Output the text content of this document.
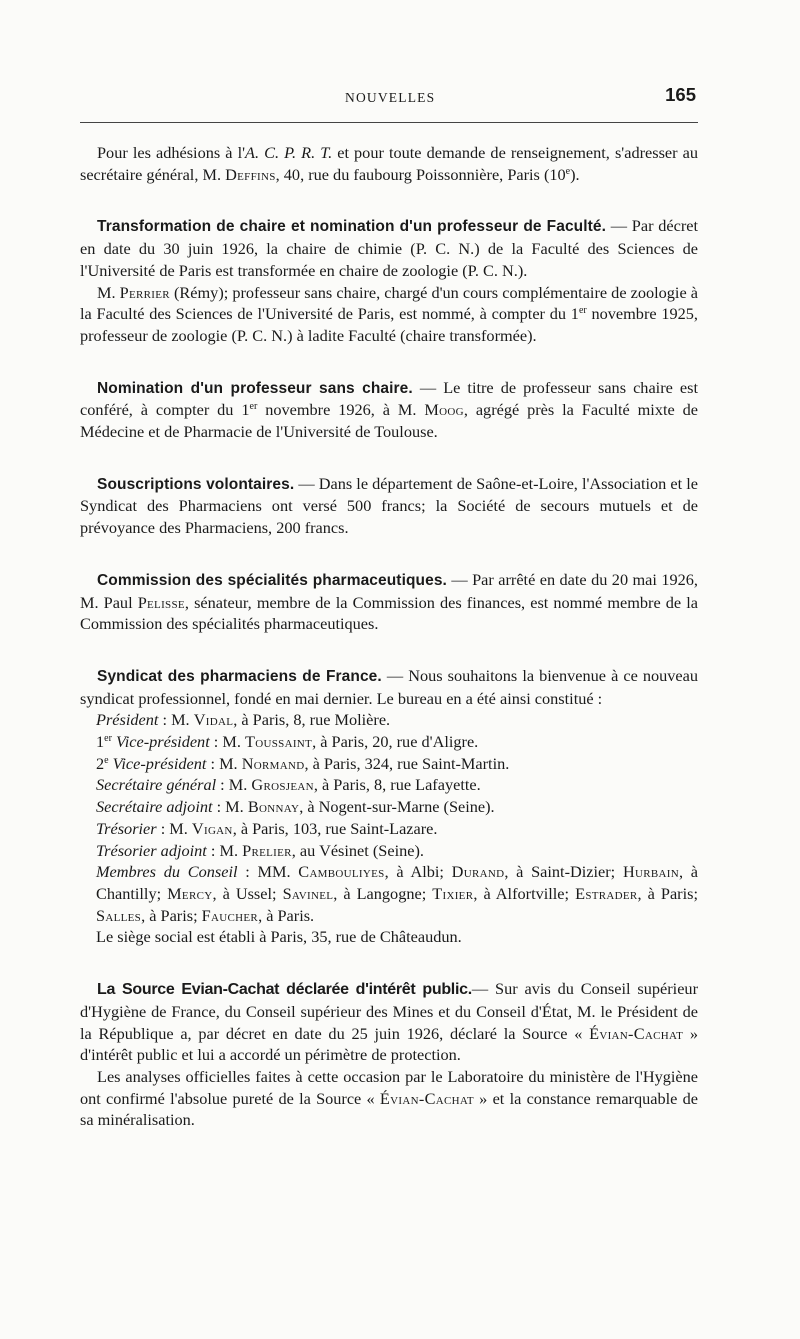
NOUVELLES	165

Pour les adhésions à l'A. C. P. R. T. et pour toute demande de renseignement, s'adresser au secrétaire général, M. Deffins, 40, rue du faubourg Poissonnière, Paris (10e).

Transformation de chaire et nomination d'un professeur de Faculté. — Par décret en date du 30 juin 1926, la chaire de chimie (P. C. N.) de la Faculté des Sciences de l'Université de Paris est transformée en chaire de zoologie (P. C. N.).

M. Perrier (Rémy); professeur sans chaire, chargé d'un cours complémentaire de zoologie à la Faculté des Sciences de l'Université de Paris, est nommé, à compter du 1er novembre 1925, professeur de zoologie (P. C. N.) à ladite Faculté (chaire transformée).

Nomination d'un professeur sans chaire. — Le titre de professeur sans chaire est conféré, à compter du 1er novembre 1926, à M. Moog, agrégé près la Faculté mixte de Médecine et de Pharmacie de l'Université de Toulouse.

Souscriptions volontaires. — Dans le département de Saône-et-Loire, l'Association et le Syndicat des Pharmaciens ont versé 500 francs; la Société de secours mutuels et de prévoyance des Pharmaciens, 200 francs.

Commission des spécialités pharmaceutiques. — Par arrêté en date du 20 mai 1926, M. Paul Pelisse, sénateur, membre de la Commission des finances, est nommé membre de la Commission des spécialités pharmaceutiques.

Syndicat des pharmaciens de France. — Nous souhaitons la bienvenue à ce nouveau syndicat professionnel, fondé en mai dernier. Le bureau en a été ainsi constitué :

Président : M. Vidal, à Paris, 8, rue Molière.
1er Vice-président : M. Toussaint, à Paris, 20, rue d'Aligre.
2e Vice-président : M. Normand, à Paris, 324, rue Saint-Martin.
Secrétaire général : M. Grosjean, à Paris, 8, rue Lafayette.
Secrétaire adjoint : M. Bonnay, à Nogent-sur-Marne (Seine).
Trésorier : M. Vigan, à Paris, 103, rue Saint-Lazare.
Trésorier adjoint : M. Prelier, au Vésinet (Seine).
Membres du Conseil : MM. Cambouliyes, à Albi; Durand, à Saint-Dizier; Hurbain, à Chantilly; Mercy, à Ussel; Savinel, à Langogne; Tixier, à Alfortville; Estrader, à Paris; Salles, à Paris; Faucher, à Paris.
Le siège social est établi à Paris, 35, rue de Châteaudun.

La Source Evian-Cachat déclarée d'intérêt public.— Sur avis du Conseil supérieur d'Hygiène de France, du Conseil supérieur des Mines et du Conseil d'État, M. le Président de la République a, par décret en date du 25 juin 1926, déclaré la Source « Évian-Cachat » d'intérêt public et lui a accordé un périmètre de protection.

Les analyses officielles faites à cette occasion par le Laboratoire du ministère de l'Hygiène ont confirmé l'absolue pureté de la Source « Évian-Cachat » et la constance remarquable de sa minéralisation.
